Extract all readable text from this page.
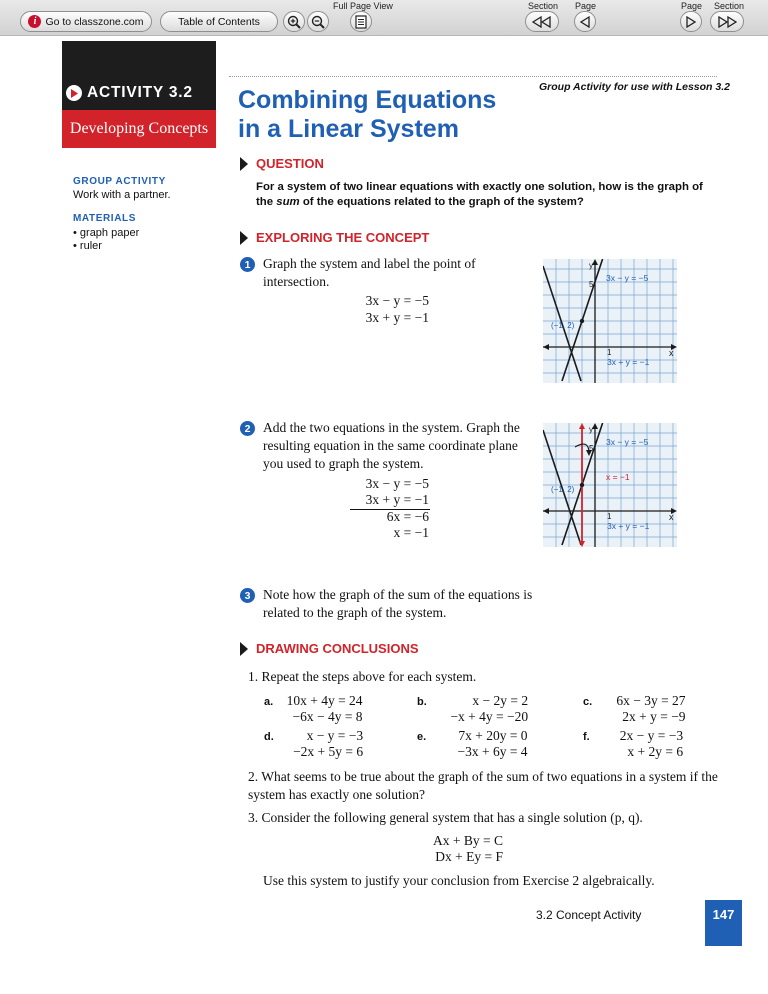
i Go to classzone.com	Table of Contents
Full Page View	Section Page	Page Section
ACTIVITY 3.2
Developing Concepts
Group Activity for use with Lesson 3.2
Combining Equations
in a Linear System
GROUP ACTIVITY
Work with a partner.
MATERIALS
• graph paper
• ruler
QUESTION
For a system of two linear equations with exactly one solution, how is the graph of the sum of the equations related to the graph of the system?
EXPLORING THE CONCEPT
1 Graph the system and label the point of intersection.
3x − y = −5
3x + y = −1
y
5
x
1
(−1, 2)
3x − y = −5
3x + y = −1
2 Add the two equations in the system. Graph the resulting equation in the same coordinate plane you used to graph the system.
3x − y = −5
3x + y = −1
6x = −6
x = −1
y
5
x
1
(−1, 2)
3x − y = −5
3x + y = −1
x = −1
3 Note how the graph of the sum of the equations is related to the graph of the system.
DRAWING CONCLUSIONS
1. Repeat the steps above for each system.
a. 10x + 4y = 24
−6x − 4y = 8
b.	x − 2y = 2
−x + 4y = −20
c. 6x − 3y = 27
2x + y = −9
d. x − y = −3
−2x + 5y = 6
e. 7x + 20y = 0
−3x + 6y = 4
f. 2x − y = −3
x + 2y = 6
2. What seems to be true about the graph of the sum of two equations in a system if the system has exactly one solution?
3. Consider the following general system that has a single solution (p, q).
Ax + By = C
Dx + Ey = F
Use this system to justify your conclusion from Exercise 2 algebraically.
3.2 Concept Activity	147
